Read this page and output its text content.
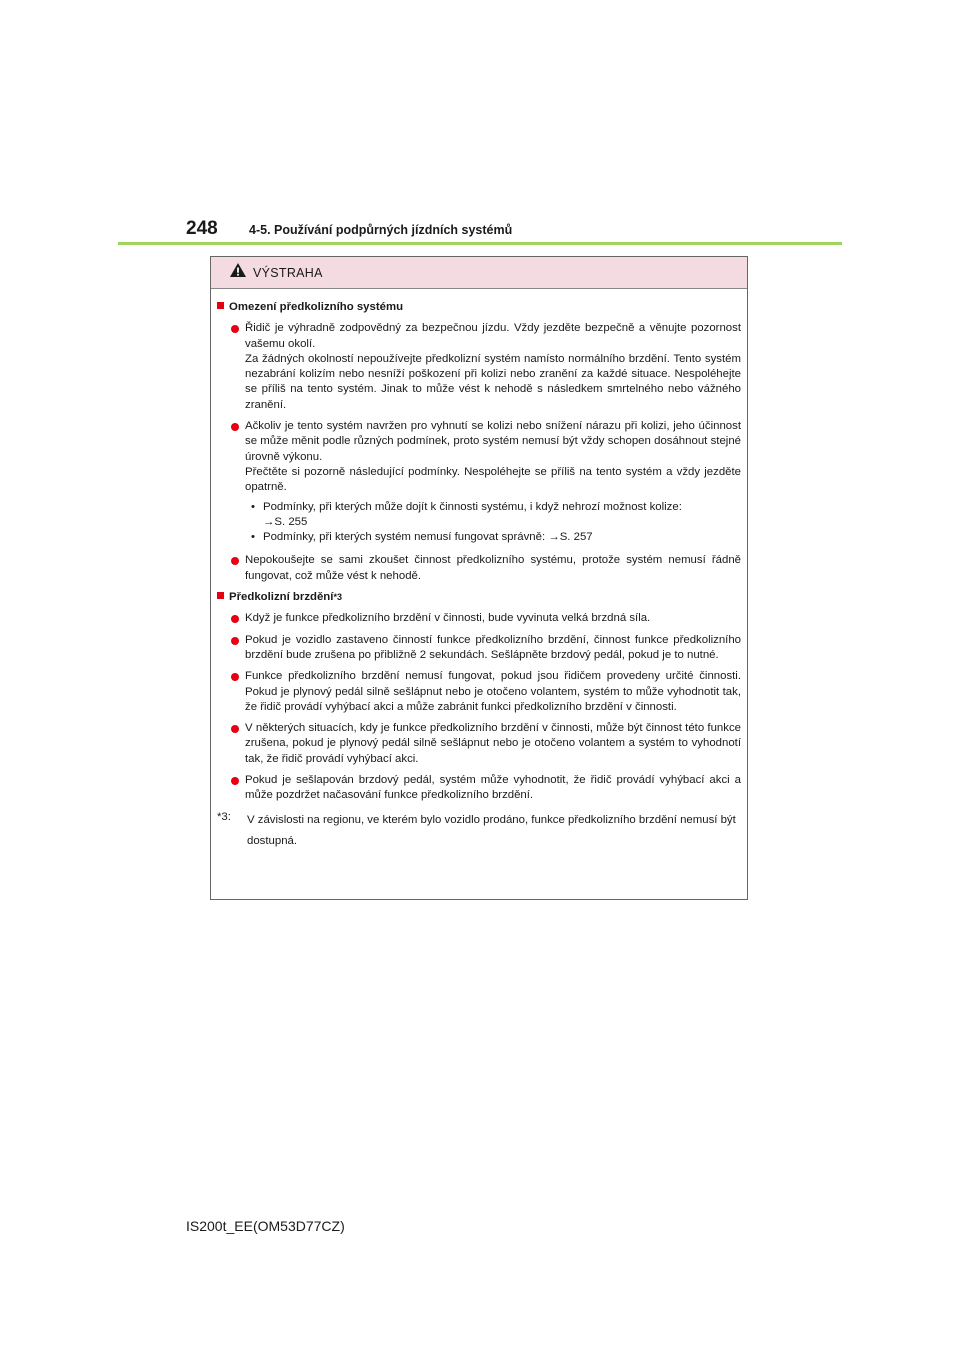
248	4-5. Používání podpůrných jízdních systémů
VÝSTRAHA
Omezení předkolizního systému
Řidič je výhradně zodpovědný za bezpečnou jízdu. Vždy jezděte bezpečně a věnujte pozornost vašemu okolí.
Za žádných okolností nepoužívejte předkolizní systém namísto normálního brzdění. Tento systém nezabrání kolizím nebo nesníží poškození při kolizi nebo zranění za každé situace. Nespoléhejte se příliš na tento systém. Jinak to může vést k nehodě s následkem smrtelného nebo vážného zranění.
Ačkoliv je tento systém navržen pro vyhnutí se kolizi nebo snížení nárazu při kolizi, jeho účinnost se může měnit podle různých podmínek, proto systém nemusí být vždy schopen dosáhnout stejné úrovně výkonu.
Přečtěte si pozorně následující podmínky. Nespoléhejte se příliš na tento systém a vždy jezděte opatrně.
• Podmínky, při kterých může dojít k činnosti systému, i když nehrozí možnost kolize:
→S. 255
• Podmínky, při kterých systém nemusí fungovat správně: →S. 257
Nepokoušejte se sami zkoušet činnost předkolizního systému, protože systém nemusí řádně fungovat, což může vést k nehodě.
Předkolizní brzdění *3
Když je funkce předkolizního brzdění v činnosti, bude vyvinuta velká brzdná síla.
Pokud je vozidlo zastaveno činností funkce předkolizního brzdění, činnost funkce předkolizního brzdění bude zrušena po přibližně 2 sekundách. Sešlápněte brzdový pedál, pokud je to nutné.
Funkce předkolizního brzdění nemusí fungovat, pokud jsou řidičem provedeny určité činnosti. Pokud je plynový pedál silně sešlápnut nebo je otočeno volantem, systém to může vyhodnotit tak, že řidič provádí vyhýbací akci a může zabránit funkci předkolizního brzdění v činnosti.
V některých situacích, kdy je funkce předkolizního brzdění v činnosti, může být činnost této funkce zrušena, pokud je plynový pedál silně sešlápnut nebo je otočeno volantem a systém to vyhodnotí tak, že řidič provádí vyhýbací akci.
Pokud je sešlapován brzdový pedál, systém může vyhodnotit, že řidič provádí vyhýbací akci a může pozdržet načasování funkce předkolizního brzdění.
*3:	V závislosti na regionu, ve kterém bylo vozidlo prodáno, funkce předkolizního brzdění nemusí být dostupná.
IS200t_EE(OM53D77CZ)
